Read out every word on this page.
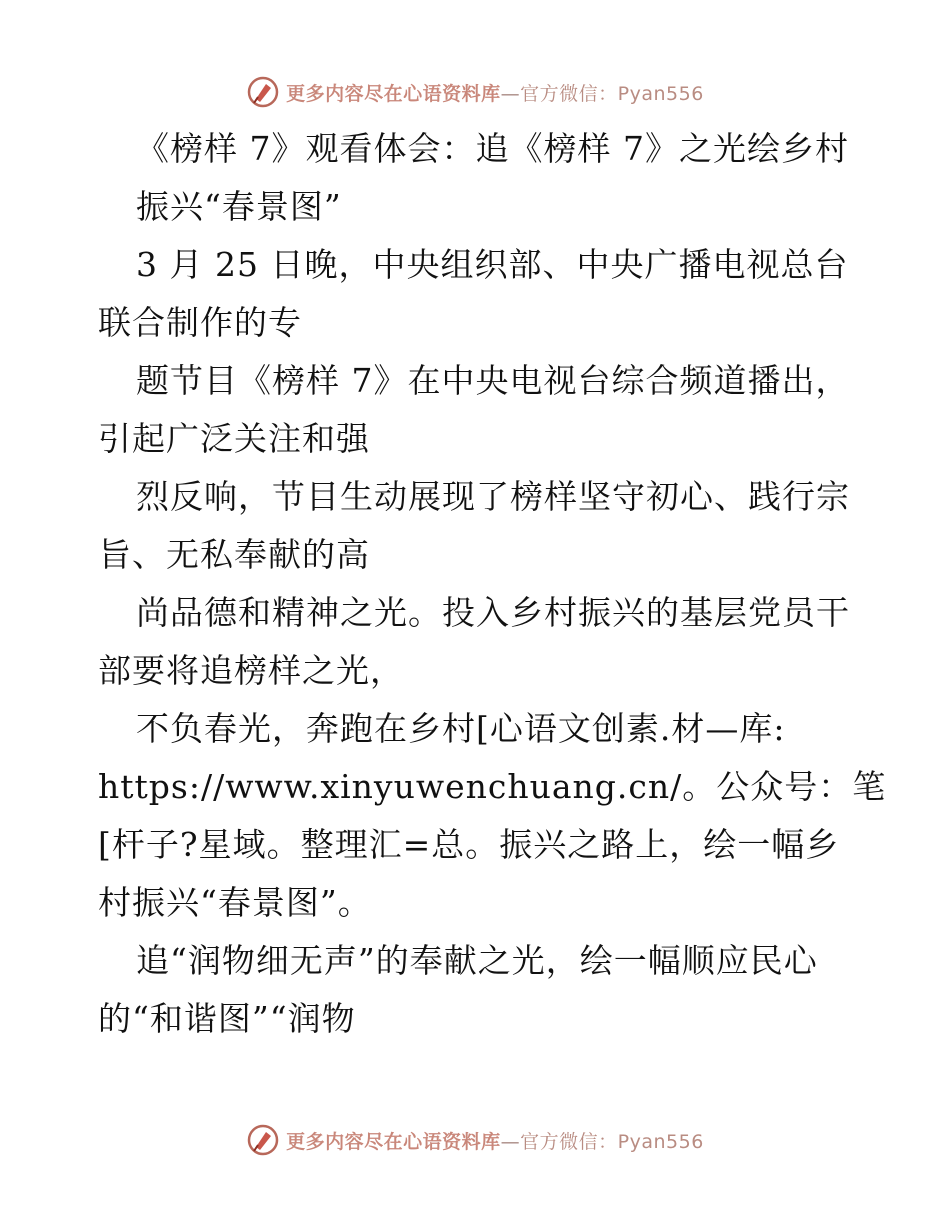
更多内容尽在心语资料库—官方微信：Pyan556
《榜样 7》观看体会：追《榜样 7》之光绘乡村
振兴“春景图”
3 月 25 日晚，中央组织部、中央广播电视总台
联合制作的专
题节目《榜样 7》在中央电视台综合频道播出，
引起广泛关注和强
烈反响，节目生动展现了榜样坚守初心、践行宗
旨、无私奉献的高
尚品德和精神之光。投入乡村振兴的基层党员干
部要将追榜样之光，
不负春光，奔跑在乡村[心语文创素.材—库:
https://www.xinyuwenchuang.cn/。公众号：笔
[杆子?星域。整理汇=总。振兴之路上，绘一幅乡
村振兴“春景图”。
追“润物细无声”的奉献之光，绘一幅顺应民心
的“和谐图”“润物
更多内容尽在心语资料库—官方微信：Pyan556
